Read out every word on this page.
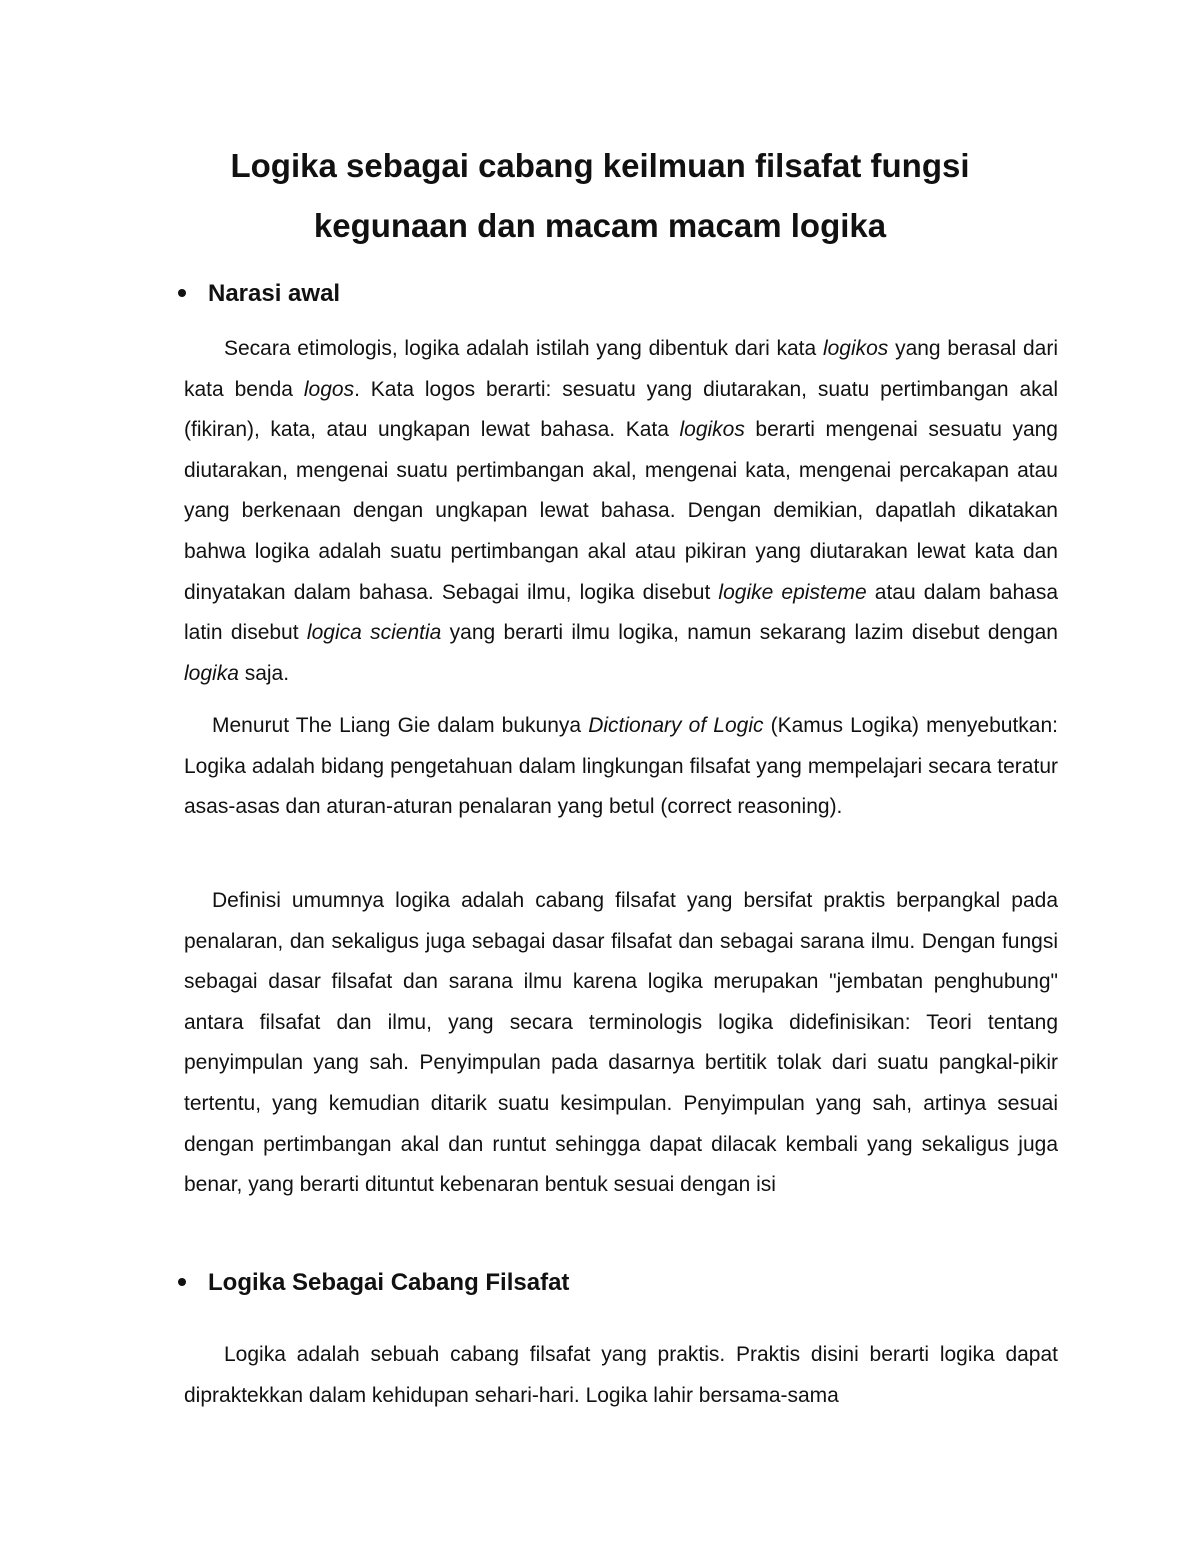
Logika sebagai cabang keilmuan filsafat fungsi
kegunaan dan macam macam logika
Narasi awal

Secara etimologis, logika adalah istilah yang dibentuk dari kata logikos yang berasal dari kata benda logos. Kata logos berarti: sesuatu yang diutarakan, suatu pertimbangan akal (fikiran), kata, atau ungkapan lewat bahasa. Kata logikos berarti mengenai sesuatu yang diutarakan, mengenai suatu pertimbangan akal, mengenai kata, mengenai percakapan atau yang berkenaan dengan ungkapan lewat bahasa. Dengan demikian, dapatlah dikatakan bahwa logika adalah suatu pertimbangan akal atau pikiran yang diutarakan lewat kata dan dinyatakan dalam bahasa. Sebagai ilmu, logika disebut logike episteme atau dalam bahasa latin disebut logica scientia yang berarti ilmu logika, namun sekarang lazim disebut dengan logika saja.

Menurut The Liang Gie dalam bukunya Dictionary of Logic (Kamus Logika) menyebutkan: Logika adalah bidang pengetahuan dalam lingkungan filsafat yang mempelajari secara teratur asas-asas dan aturan-aturan penalaran yang betul (correct reasoning).

Definisi umumnya logika adalah cabang filsafat yang bersifat praktis berpangkal pada penalaran, dan sekaligus juga sebagai dasar filsafat dan sebagai sarana ilmu. Dengan fungsi sebagai dasar filsafat dan sarana ilmu karena logika merupakan "jembatan penghubung" antara filsafat dan ilmu, yang secara terminologis logika didefinisikan: Teori tentang penyimpulan yang sah. Penyimpulan pada dasarnya bertitik tolak dari suatu pangkal-pikir tertentu, yang kemudian ditarik suatu kesimpulan. Penyimpulan yang sah, artinya sesuai dengan pertimbangan akal dan runtut sehingga dapat dilacak kembali yang sekaligus juga benar, yang berarti dituntut kebenaran bentuk sesuai dengan isi

Logika Sebagai Cabang Filsafat

Logika adalah sebuah cabang filsafat yang praktis. Praktis disini berarti logika dapat dipraktekkan dalam kehidupan sehari-hari. Logika lahir bersama-sama
